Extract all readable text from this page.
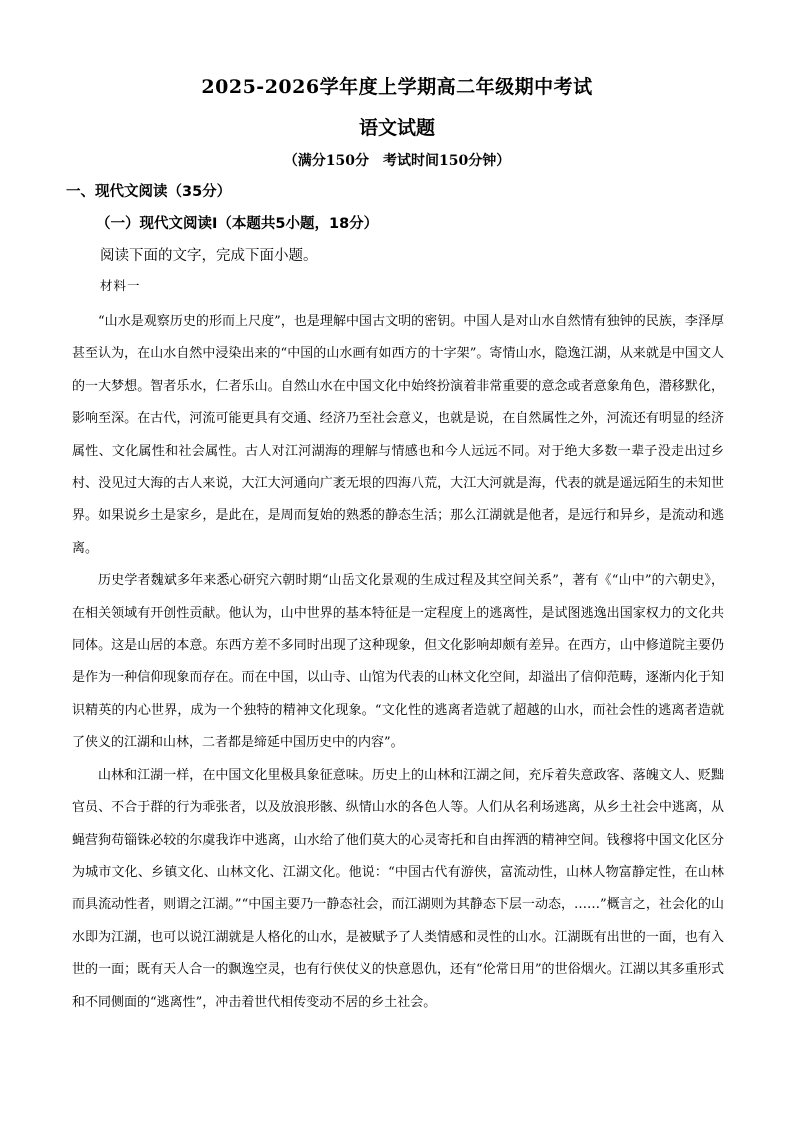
2025-2026学年度上学期高二年级期中考试
语文试题
（满分150分　考试时间150分钟）
一、现代文阅读（35分）
（一）现代文阅读Ⅰ（本题共5小题，18分）
阅读下面的文字，完成下面小题。
材料一

“山水是观察历史的形而上尺度”，也是理解中国古文明的密钥。中国人是对山水自然情有独钟的民族，李泽厚甚至认为，在山水自然中浸染出来的“中国的山水画有如西方的十字架”。寄情山水，隐逸江湖，从来就是中国文人的一大梦想。智者乐水，仁者乐山。自然山水在中国文化中始终扮演着非常重要的意念或者意象角色，潜移默化，影响至深。在古代，河流可能更具有交通、经济乃至社会意义，也就是说，在自然属性之外，河流还有明显的经济属性、文化属性和社会属性。古人对江河湖海的理解与情感也和今人远远不同。对于绝大多数一辈子没走出过乡村、没见过大海的古人来说，大江大河通向广袤无垠的四海八荒，大江大河就是海，代表的就是遥远陌生的未知世界。如果说乡土是家乡，是此在，是周而复始的熟悉的静态生活；那么江湖就是他者，是远行和异乡，是流动和逃离。

历史学者魏斌多年来悉心研究六朝时期“山岳文化景观的生成过程及其空间关系”，著有《“山中”的六朝史》，在相关领域有开创性贡献。他认为，山中世界的基本特征是一定程度上的逃离性，是试图逃逸出国家权力的文化共同体。这是山居的本意。东西方差不多同时出现了这种现象，但文化影响却颇有差异。在西方，山中修道院主要仍是作为一种信仰现象而存在。而在中国，以山寺、山馆为代表的山林文化空间，却溢出了信仰范畴，逐渐内化于知识精英的内心世界，成为一个独特的精神文化现象。“文化性的逃离者造就了超越的山水，而社会性的逃离者造就了侠义的江湖和山林，二者都是缔延中国历史中的内容”。

山林和江湖一样，在中国文化里极具象征意味。历史上的山林和江湖之间，充斥着失意政客、落魄文人、贬黜官员、不合于群的行为乖张者，以及放浪形骸、纵情山水的各色人等。人们从名利场逃离，从乡土社会中逃离，从蝇营狗苟锱铢必较的尔虞我诈中逃离，山水给了他们莫大的心灵寄托和自由挥洒的精神空间。钱穆将中国文化区分为城市文化、乡镇文化、山林文化、江湖文化。他说：“中国古代有游侠，富流动性，山林人物富静定性，在山林而具流动性者，则谓之江湖。”“中国主要乃一静态社会，而江湖则为其静态下层一动态，……”概言之，社会化的山水即为江湖，也可以说江湖就是人格化的山水，是被赋予了人类情感和灵性的山水。江湖既有出世的一面，也有入世的一面；既有天人合一的飘逸空灵，也有行侠仗义的快意恩仇，还有“伦常日用”的世俗烟火。江湖以其多重形式和不同侧面的“逃离性”，冲击着世代相传变动不居的乡土社会。
